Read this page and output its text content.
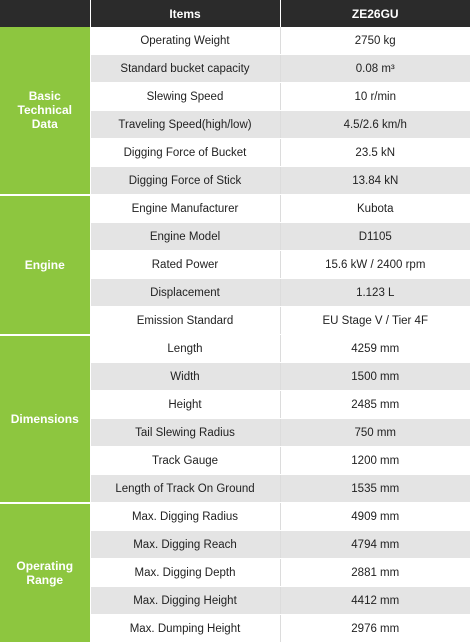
	Items	ZE26GU
Basic
Technical
Data	Operating Weight	2750 kg
	Standard bucket capacity	0.08 m³
	Slewing Speed	10 r/min
	Traveling Speed(high/low)	4.5/2.6 km/h
	Digging Force of Bucket	23.5 kN
	Digging Force of Stick	13.84 kN
Engine	Engine Manufacturer	Kubota
	Engine Model	D1105
	Rated Power	15.6 kW / 2400 rpm
	Displacement	1.123 L
	Emission Standard	EU Stage V / Tier 4F
Dimensions	Length	4259 mm
	Width	1500 mm
	Height	2485 mm
	Tail Slewing Radius	750 mm
	Track Gauge	1200 mm
	Length of Track On Ground	1535 mm
Operating
Range	Max. Digging Radius	4909 mm
	Max. Digging Reach	4794 mm
	Max. Digging Depth	2881 mm
	Max. Digging Height	4412 mm
	Max. Dumping Height	2976 mm
